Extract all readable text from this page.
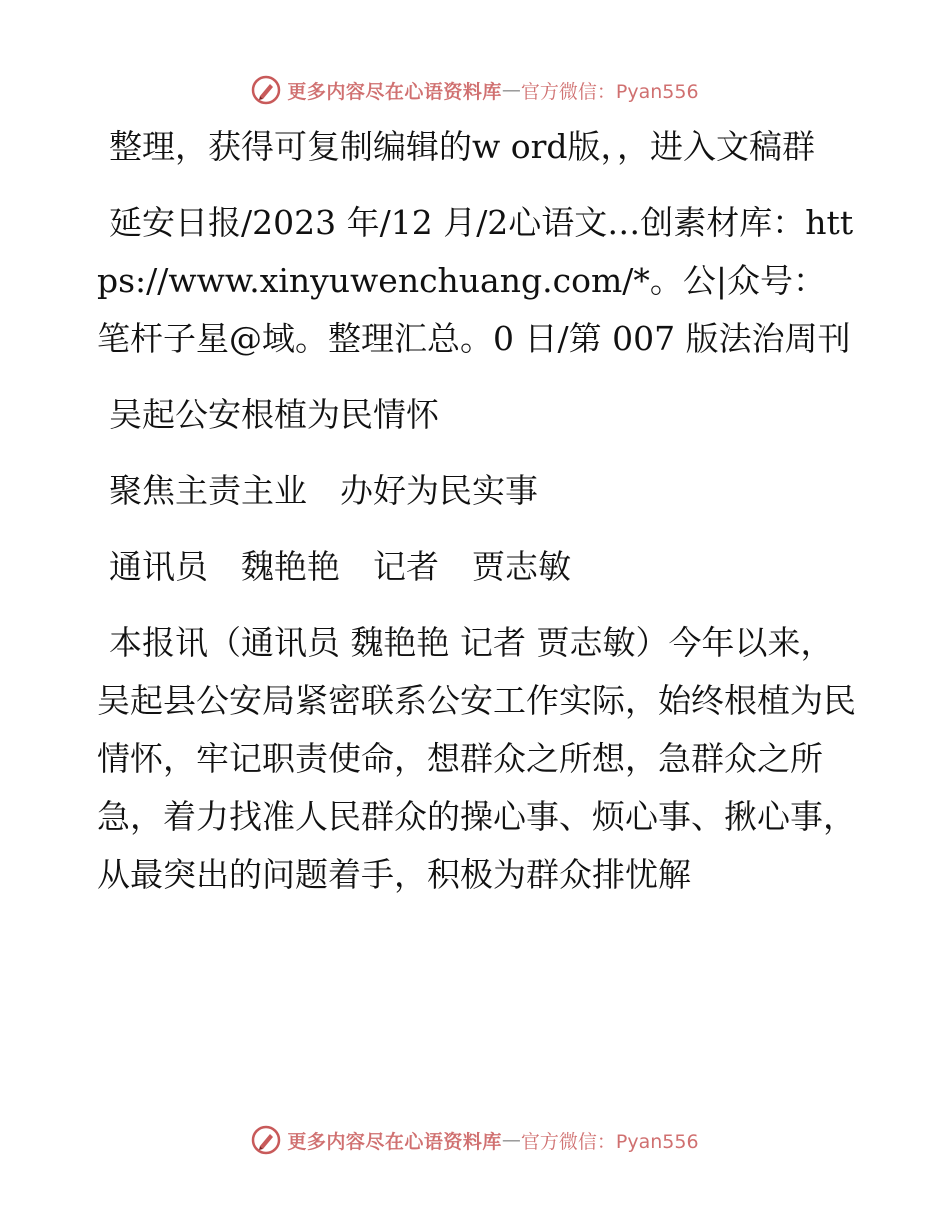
更多内容尽在心语资料库 — 官方微信：Pyan556

整理，获得可复制编辑的w ord版，，进入文稿群

延安日报/2023 年/12 月/2心语文…创素材库：https://www.xinyuwenchuang.com/*。公|众号：笔杆子星@域。整理汇总。0 日/第 007 版法治周刊

吴起公安根植为民情怀

聚焦主责主业　办好为民实事

通讯员　魏艳艳　记者　贾志敏

本报讯（通讯员 魏艳艳 记者 贾志敏）今年以来，吴起县公安局紧密联系公安工作实际，始终根植为民情怀，牢记职责使命，想群众之所想，急群众之所急，着力找准人民群众的操心事、烦心事、揪心事，从最突出的问题着手，积极为群众排忧解

更多内容尽在心语资料库 — 官方微信：Pyan556
